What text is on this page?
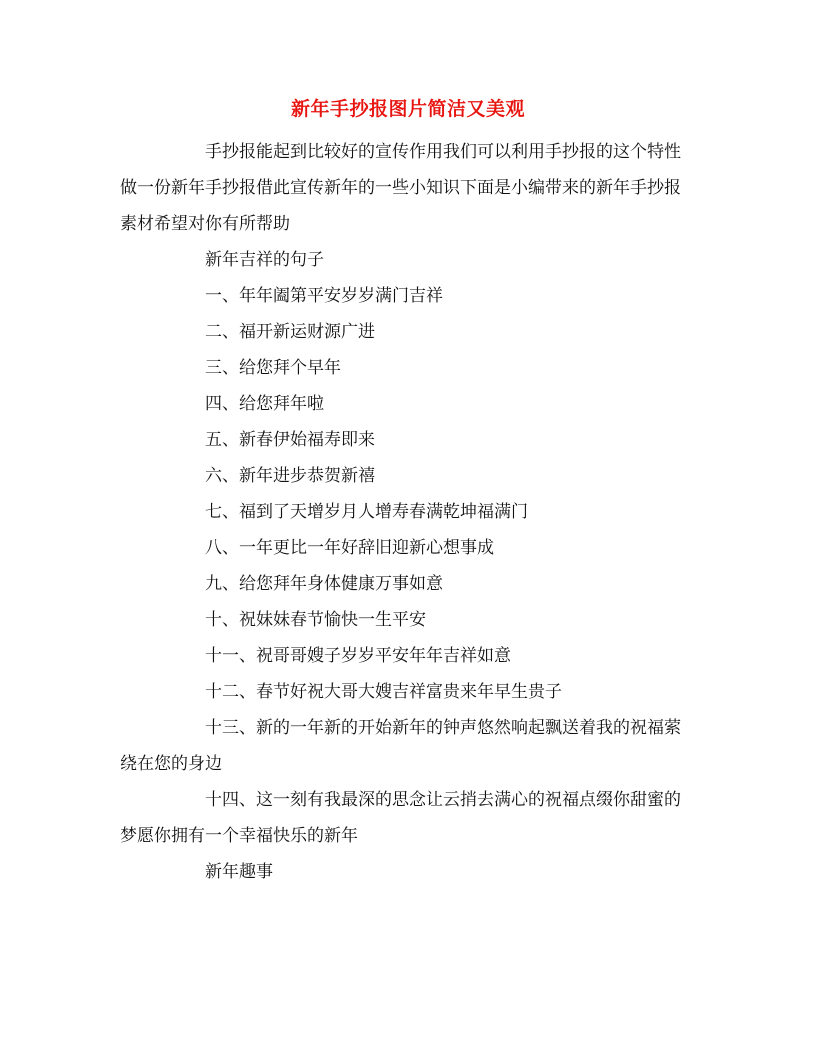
新年手抄报图片简洁又美观

手抄报能起到比较好的宣传作用我们可以利用手抄报的这个特性做一份新年手抄报借此宣传新年的一些小知识下面是小编带来的新年手抄报素材希望对你有所帮助

新年吉祥的句子

一、年年阖第平安岁岁满门吉祥

二、福开新运财源广进

三、给您拜个早年

四、给您拜年啦

五、新春伊始福寿即来

六、新年进步恭贺新禧

七、福到了天增岁月人增寿春满乾坤福满门

八、一年更比一年好辞旧迎新心想事成

九、给您拜年身体健康万事如意

十、祝妹妹春节愉快一生平安

十一、祝哥哥嫂子岁岁平安年年吉祥如意

十二、春节好祝大哥大嫂吉祥富贵来年早生贵子

十三、新的一年新的开始新年的钟声悠然响起飘送着我的祝福萦绕在您的身边

十四、这一刻有我最深的思念让云捎去满心的祝福点缀你甜蜜的梦愿你拥有一个幸福快乐的新年

新年趣事
